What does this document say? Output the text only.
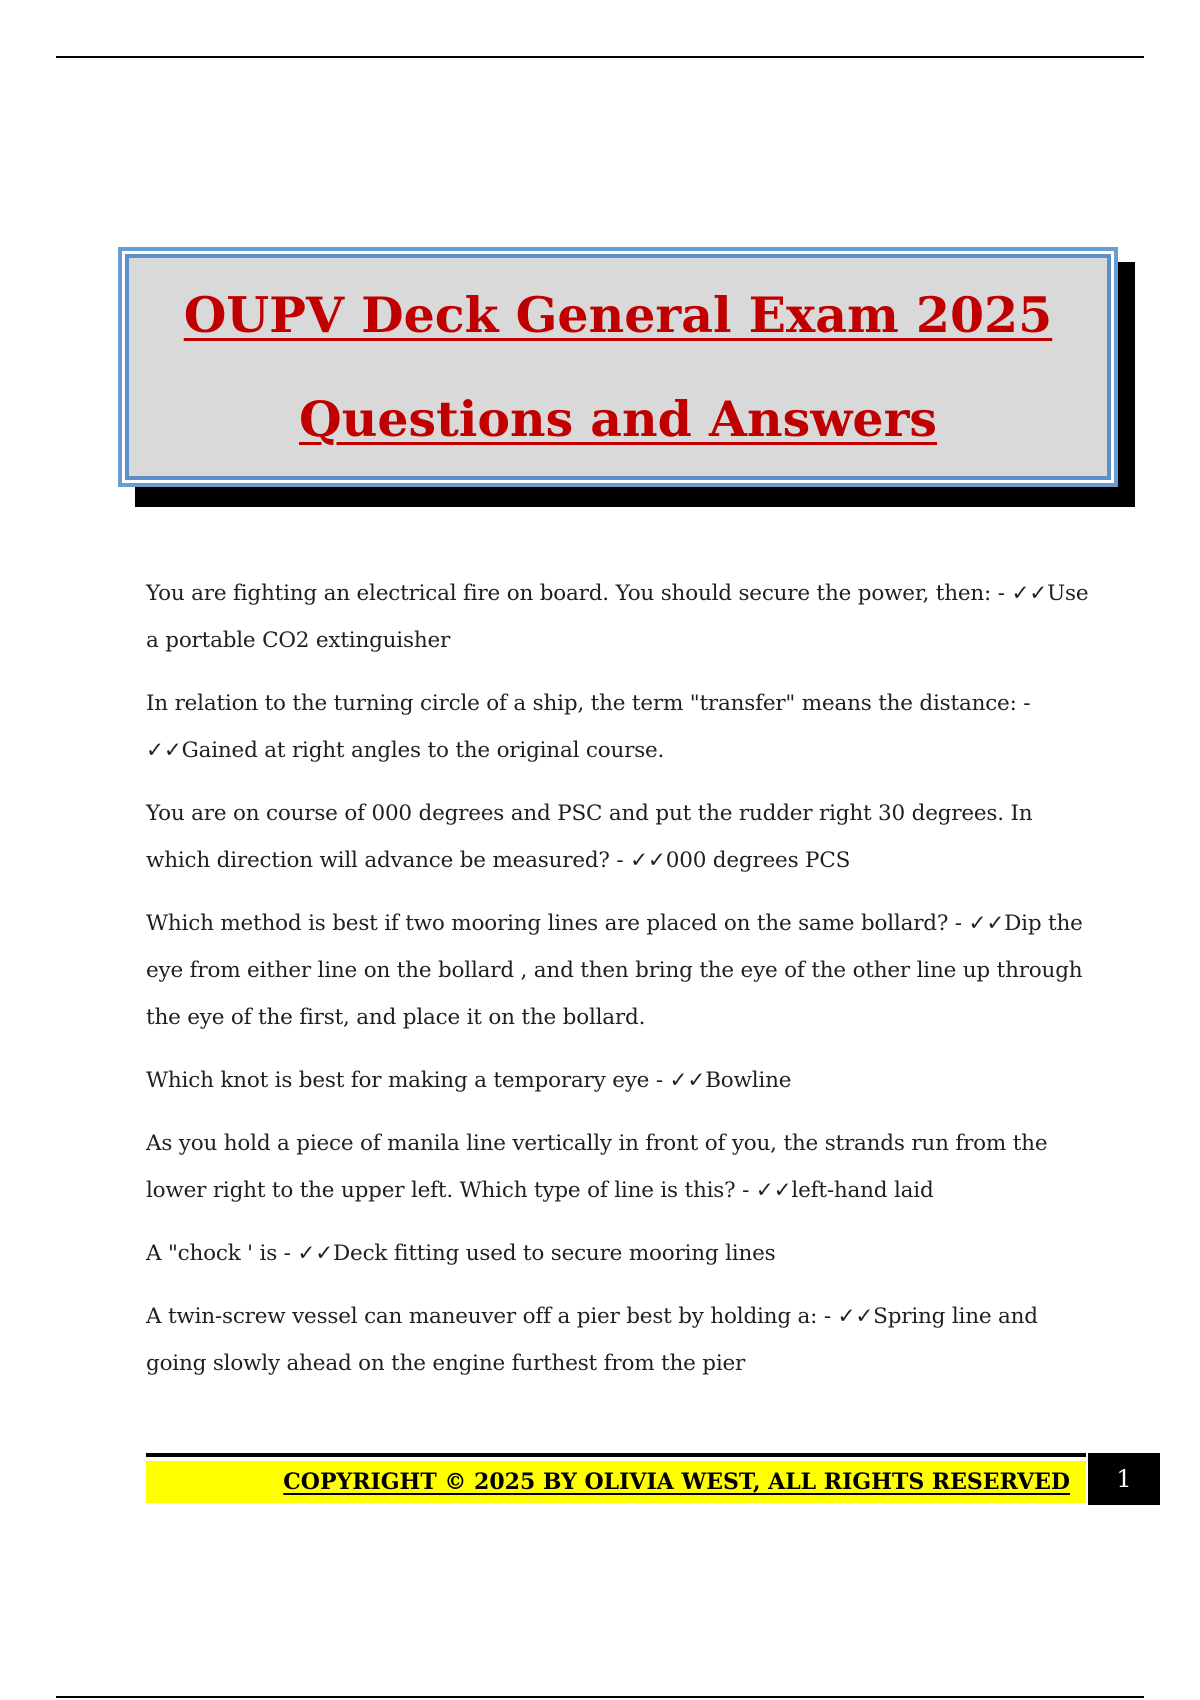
OUPV Deck General Exam 2025
Questions and Answers
You are fighting an electrical fire on board. You should secure the power, then: - ✓✓Use a portable CO2 extinguisher
In relation to the turning circle of a ship, the term "transfer" means the distance: - ✓✓Gained at right angles to the original course.
You are on course of 000 degrees and PSC and put the rudder right 30 degrees. In which direction will advance be measured? - ✓✓000 degrees PCS
Which method is best if two mooring lines are placed on the same bollard? - ✓✓Dip the eye from either line on the bollard , and then bring the eye of the other line up through the eye of the first, and place it on the bollard.
Which knot is best for making a temporary eye - ✓✓Bowline
As you hold a piece of manila line vertically in front of you, the strands run from the lower right to the upper left. Which type of line is this? - ✓✓left-hand laid
A "chock ' is - ✓✓Deck fitting used to secure mooring lines
A twin-screw vessel can maneuver off a pier best by holding a: - ✓✓Spring line and going slowly ahead on the engine furthest from the pier
COPYRIGHT © 2025 BY OLIVIA WEST, ALL RIGHTS RESERVED	1
